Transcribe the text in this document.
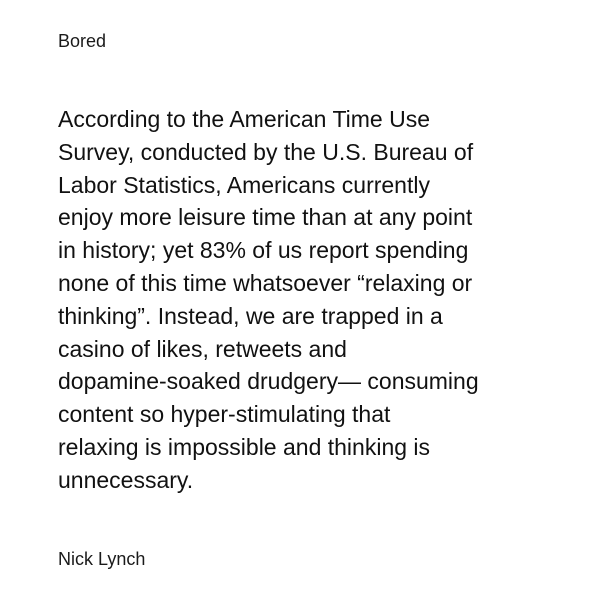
Bored
According to the American Time Use
Survey, conducted by the U.S. Bureau of
Labor Statistics, Americans currently
enjoy more leisure time than at any point
in history; yet 83% of us report spending
none of this time whatsoever “relaxing or
thinking”. Instead, we are trapped in a
casino of likes, retweets and
dopamine-soaked drudgery— consuming
content so hyper-stimulating that
relaxing is impossible and thinking is
unnecessary.
Nick Lynch
